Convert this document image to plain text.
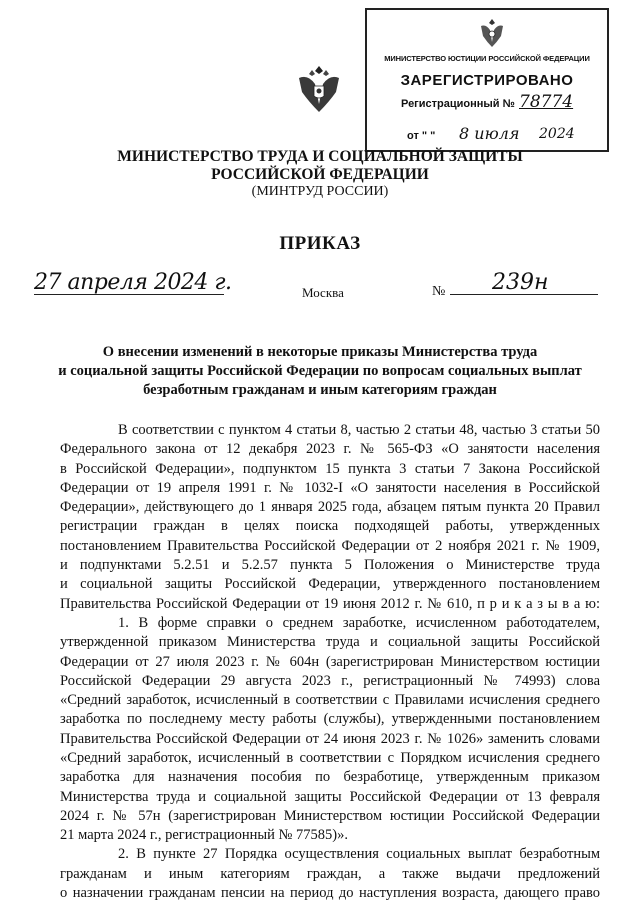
МИНИСТЕРСТВО ЮСТИЦИИ РОССИЙСКОЙ ФЕДЕРАЦИИ
ЗАРЕГИСТРИРОВАНО
Регистрационный № 78774
от " " 8 июля 2024
МИНИСТЕРСТВО ТРУДА И СОЦИАЛЬНОЙ ЗАЩИТЫ
РОССИЙСКОЙ ФЕДЕРАЦИИ
(МИНТРУД РОССИИ)
ПРИКАЗ
27 апреля 2024 г.	Москва	№ 239н
О внесении изменений в некоторые приказы Министерства труда
и социальной защиты Российской Федерации по вопросам социальных выплат
безработным гражданам и иным категориям граждан
В соответствии с пунктом 4 статьи 8, частью 2 статьи 48, частью 3 статьи 50
Федерального закона от 12 декабря 2023 г. № 565-ФЗ «О занятости населения
в Российской Федерации», подпунктом 15 пункта 3 статьи 7 Закона Российской
Федерации от 19 апреля 1991 г. № 1032-I «О занятости населения в Российской
Федерации», действующего до 1 января 2025 года, абзацем пятым пункта 20 Правил
регистрации граждан в целях поиска подходящей работы, утвержденных
постановлением Правительства Российской Федерации от 2 ноября 2021 г. № 1909,
и подпунктами 5.2.51 и 5.2.57 пункта 5 Положения о Министерстве труда
и социальной защиты Российской Федерации, утвержденного постановлением
Правительства Российской Федерации от 19 июня 2012 г. № 610, п р и к а з ы в а ю:
1. В форме справки о среднем заработке, исчисленном работодателем,
утвержденной приказом Министерства труда и социальной защиты Российской
Федерации от 27 июля 2023 г. № 604н (зарегистрирован Министерством юстиции
Российской Федерации 29 августа 2023 г., регистрационный № 74993) слова
«Средний заработок, исчисленный в соответствии с Правилами исчисления среднего
заработка по последнему месту работы (службы), утвержденными постановлением
Правительства Российской Федерации от 24 июня 2023 г. № 1026» заменить словами
«Средний заработок, исчисленный в соответствии с Порядком исчисления среднего
заработка для назначения пособия по безработице, утвержденным приказом
Министерства труда и социальной защиты Российской Федерации от 13 февраля
2024 г. № 57н (зарегистрирован Министерством юстиции Российской Федерации
21 марта 2024 г., регистрационный № 77585)».
2. В пункте 27 Порядка осуществления социальных выплат безработным
гражданам и иным категориям граждан, а также выдачи предложений
о назначении гражданам пенсии на период до наступления возраста, дающего право
